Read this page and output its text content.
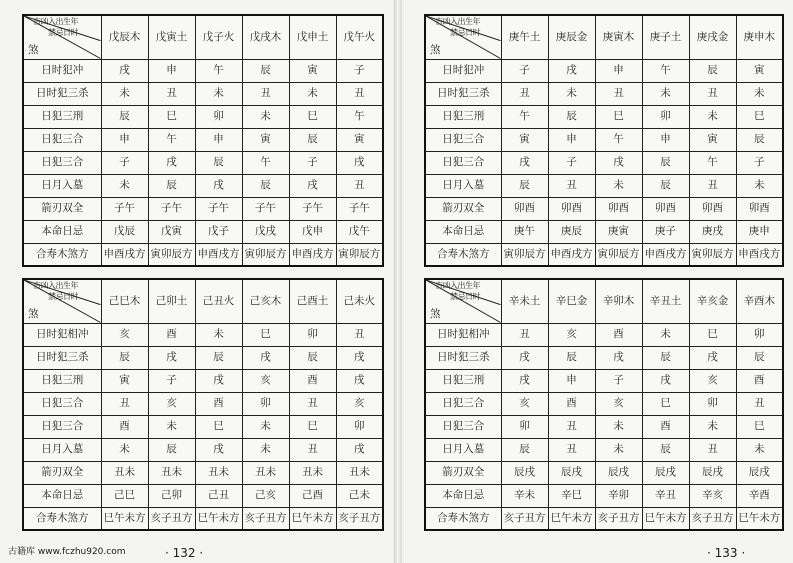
吉凶入出生年
禁忌日时
煞	戊辰木	戊寅土	戊子火	戊戌木	戊申土	戊午火
日时犯冲	戌	申	午	辰	寅	子
日时犯三杀	未	丑	未	丑	未	丑
日犯三刑	辰	巳	卯	未	巳	午
日犯三合	申	午	申	寅	辰	寅
日犯三合	子	戌	辰	午	子	戌
日月入墓	未	辰	戌	辰	戌	丑
箭刃双全	子午	子午	子午	子午	子午	子午
本命日忌	戊辰	戊寅	戊子	戊戌	戊申	戊午
合寿木煞方	申酉戌方	寅卯辰方	申酉戌方	寅卯辰方	申酉戌方	寅卯辰方
吉凶入出生年
禁忌日时
煞	己巳木	己卯土	己丑火	己亥木	己酉土	己未火
日时犯相冲	亥	酉	未	巳	卯	丑
日时犯三杀	辰	戌	辰	戌	辰	戌
日犯三刑	寅	子	戌	亥	酉	戌
日犯三合	丑	亥	酉	卯	丑	亥
日犯三合	酉	未	巳	未	巳	卯
日月入墓	未	辰	戌	未	丑	戌
箭刃双全	丑未	丑未	丑未	丑未	丑未	丑未
本命日忌	己巳	己卯	己丑	己亥	己酉	己未
合寿木煞方	巳午未方	亥子丑方	巳午未方	亥子丑方	巳午未方	亥子丑方
· 132 ·
吉凶入出生年
禁忌日时
煞	庚午土	庚辰金	庚寅木	庚子土	庚戌金	庚申木
日时犯冲	子	戌	申	午	辰	寅
日时犯三杀	丑	未	丑	未	丑	未
日犯三刑	午	辰	巳	卯	未	巳
日犯三合	寅	申	午	申	寅	辰
日犯三合	戌	子	戌	辰	午	子
日月入墓	辰	丑	未	辰	丑	未
箭刃双全	卯酉	卯酉	卯酉	卯酉	卯酉	卯酉
本命日忌	庚午	庚辰	庚寅	庚子	庚戌	庚申
合寿木煞方	寅卯辰方	申酉戌方	寅卯辰方	申酉戌方	寅卯辰方	申酉戌方
吉凶入出生年
禁忌日时
煞	辛未土	辛巳金	辛卯木	辛丑土	辛亥金	辛酉木
日时犯相冲	丑	亥	酉	未	巳	卯
日时犯三杀	戌	辰	戌	辰	戌	辰
日犯三刑	戌	申	子	戌	亥	酉
日犯三合	亥	酉	亥	巳	卯	丑
日犯三合	卯	丑	未	酉	未	巳
日月入墓	辰	丑	未	辰	丑	未
箭刃双全	辰戌	辰戌	辰戌	辰戌	辰戌	辰戌
本命日忌	辛未	辛巳	辛卯	辛丑	辛亥	辛酉
合寿木煞方	亥子丑方	巳午未方	亥子丑方	巳午未方	亥子丑方	巳午未方
· 133 ·
古籍库 www.fczhu920.com
